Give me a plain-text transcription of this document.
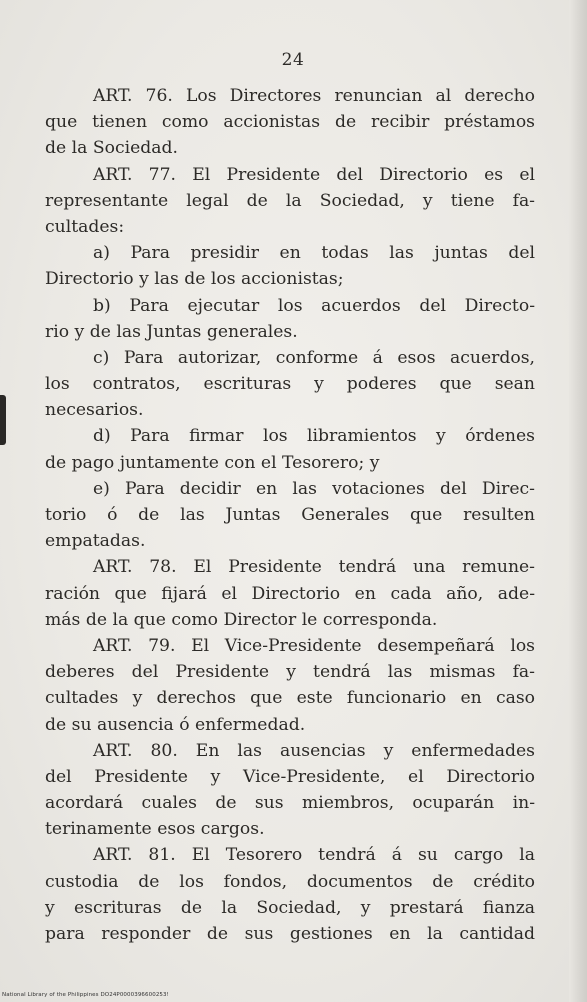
24
ART. 76. Los Directores renuncian al derecho
que tienen como accionistas de recibir préstamos
de la Sociedad.
ART. 77. El Presidente del Directorio es el
representante legal de la Sociedad, y tiene fa-
cultades:
a) Para presidir en todas las juntas del
Directorio y las de los accionistas;
b) Para ejecutar los acuerdos del Directo-
rio y de las Juntas generales.
c) Para autorizar, conforme á esos acuerdos,
los contratos, escrituras y poderes que sean
necesarios.
d) Para firmar los libramientos y órdenes
de pago juntamente con el Tesorero; y
e) Para decidir en las votaciones del Direc-
torio ó de las Juntas Generales que resulten
empatadas.
ART. 78. El Presidente tendrá una remune-
ración que fijará el Directorio en cada año, ade-
más de la que como Director le corresponda.
ART. 79. El Vice-Presidente desempeñará los
deberes del Presidente y tendrá las mismas fa-
cultades y derechos que este funcionario en caso
de su ausencia ó enfermedad.
ART. 80. En las ausencias y enfermedades
del Presidente y Vice-Presidente, el Directorio
acordará cuales de sus miembros, ocuparán in-
terinamente esos cargos.
ART. 81. El Tesorero tendrá á su cargo la
custodia de los fondos, documentos de crédito
y escrituras de la Sociedad, y prestará fianza
para responder de sus gestiones en la cantidad
National Library of the Philippines DO24P0000396600253!
